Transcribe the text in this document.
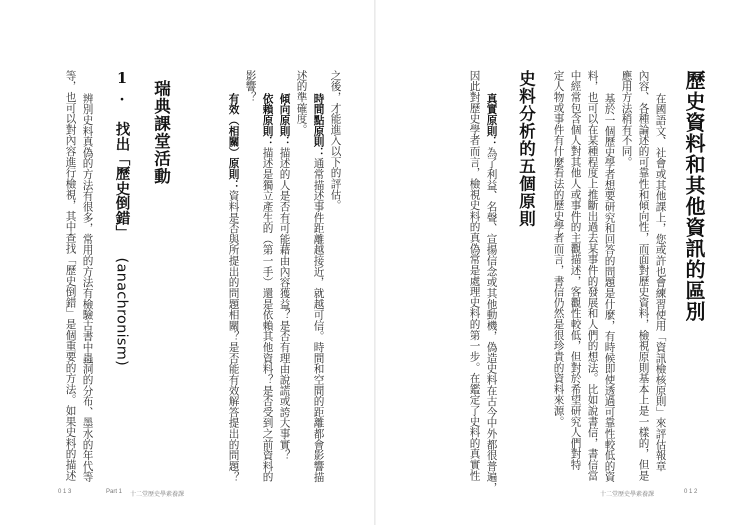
歷史資料和其他資訊的區別
在國語文、社會或其他課上，您或許也會練習使用「資訊檢核原則」來評估報章
內容、各種論述的可靠性和傾向性，而面對歷史資料，檢視原則基本上是一樣的，但是
應用方法稍有不同。
基於一個歷史學者想要研究和回答的問題是什麼，有時候即使透過可靠性較低的資
料，也可以在某種程度上推斷出過去某事件的發展和人們的想法。比如說書信，書信當
中經常包含個人對其他人或事件的主觀描述，客觀性較低，但對於希望研究人們對特
定人物或事件有什麼看法的歷史學者而言，書信仍然是很珍貴的資料來源。
史料分析的五個原則
真實原則：為了利益、名聲、宣揚信念或其他動機，偽造史料在古今中外都很普遍，
因此對歷史學者而言，檢視史料的真偽常是處理史料的第一步。在鑑定了史料的真實性
十二堂歷史學素養課	0 1 2
之後，才能進入以下的評估。
時間點原則：通常描述事件距離越接近，就越可信。時間和空間的距離都會影響描
述的準確度。
傾向原則：描述的人是否有可能藉由內容獲益？是否有理由說謊或誇大事實？
依賴原則：描述是獨立產生的（第一手）還是依賴其他資料？是否受到之前資料的
影響？
有效（相關）原則：資料是否與所提出的問題相關？是否能有效解答提出的問題？
瑞典課堂活動
1. 找出「歷史倒錯」 (anachronism)
辨別史料真偽的方法有很多，常用的方法有檢驗古書中蟲洞的分布、墨水的年代等
等，也可以對內容進行檢視，其中查找「歷史倒錯」是個重要的方法。如果史料的描述
0 1 3	Part 1 十二堂歷史學素養課
